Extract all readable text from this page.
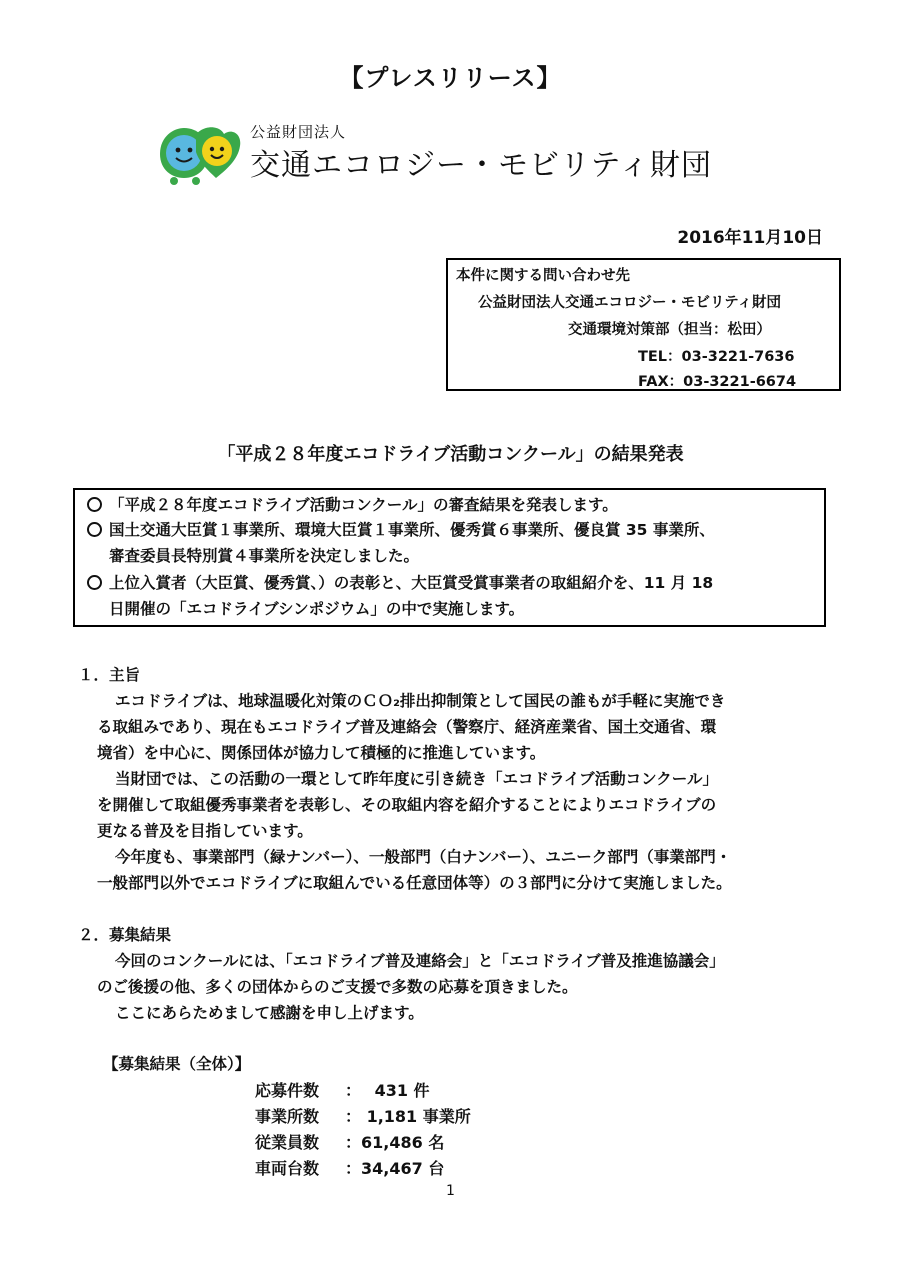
【プレスリリース】
公益財団法人
交通エコロジー・モビリティ財団
2016年11月10日
本件に関する問い合わせ先
公益財団法人交通エコロジー・モビリティ財団
交通環境対策部（担当：松田）
TEL：03-3221-7636
FAX：03-3221-6674
「平成２８年度エコドライブ活動コンクール」の結果発表
「平成２８年度エコドライブ活動コンクール」の審査結果を発表します。
国土交通大臣賞１事業所、環境大臣賞１事業所、優秀賞６事業所、優良賞 35 事業所、
審査委員長特別賞４事業所を決定しました。
上位入賞者（大臣賞、優秀賞、）の表彰と、大臣賞受賞事業者の取組紹介を、11 月 18
日開催の「エコドライブシンポジウム」の中で実施します。
１．主旨
エコドライブは、地球温暖化対策のＣＯ₂排出抑制策として国民の誰もが手軽に実施でき
る取組みであり、現在もエコドライブ普及連絡会（警察庁、経済産業省、国土交通省、環
境省）を中心に、関係団体が協力して積極的に推進しています。
当財団では、この活動の一環として昨年度に引き続き「エコドライブ活動コンクール」
を開催して取組優秀事業者を表彰し、その取組内容を紹介することによりエコドライブの
更なる普及を目指しています。
今年度も、事業部門（緑ナンバー）、一般部門（白ナンバー）、ユニーク部門（事業部門・
一般部門以外でエコドライブに取組んでいる任意団体等）の３部門に分けて実施しました。
２．募集結果
今回のコンクールには、「エコドライブ普及連絡会」と「エコドライブ普及推進協議会」
のご後援の他、多くの団体からのご支援で多数の応募を頂きました。
ここにあらためまして感謝を申し上げます。
【募集結果（全体）】
応募件数 ：　 431 件
事業所数 ： 1,181 事業所
従業員数 ：61,486 名
車両台数 ：34,467 台
1
